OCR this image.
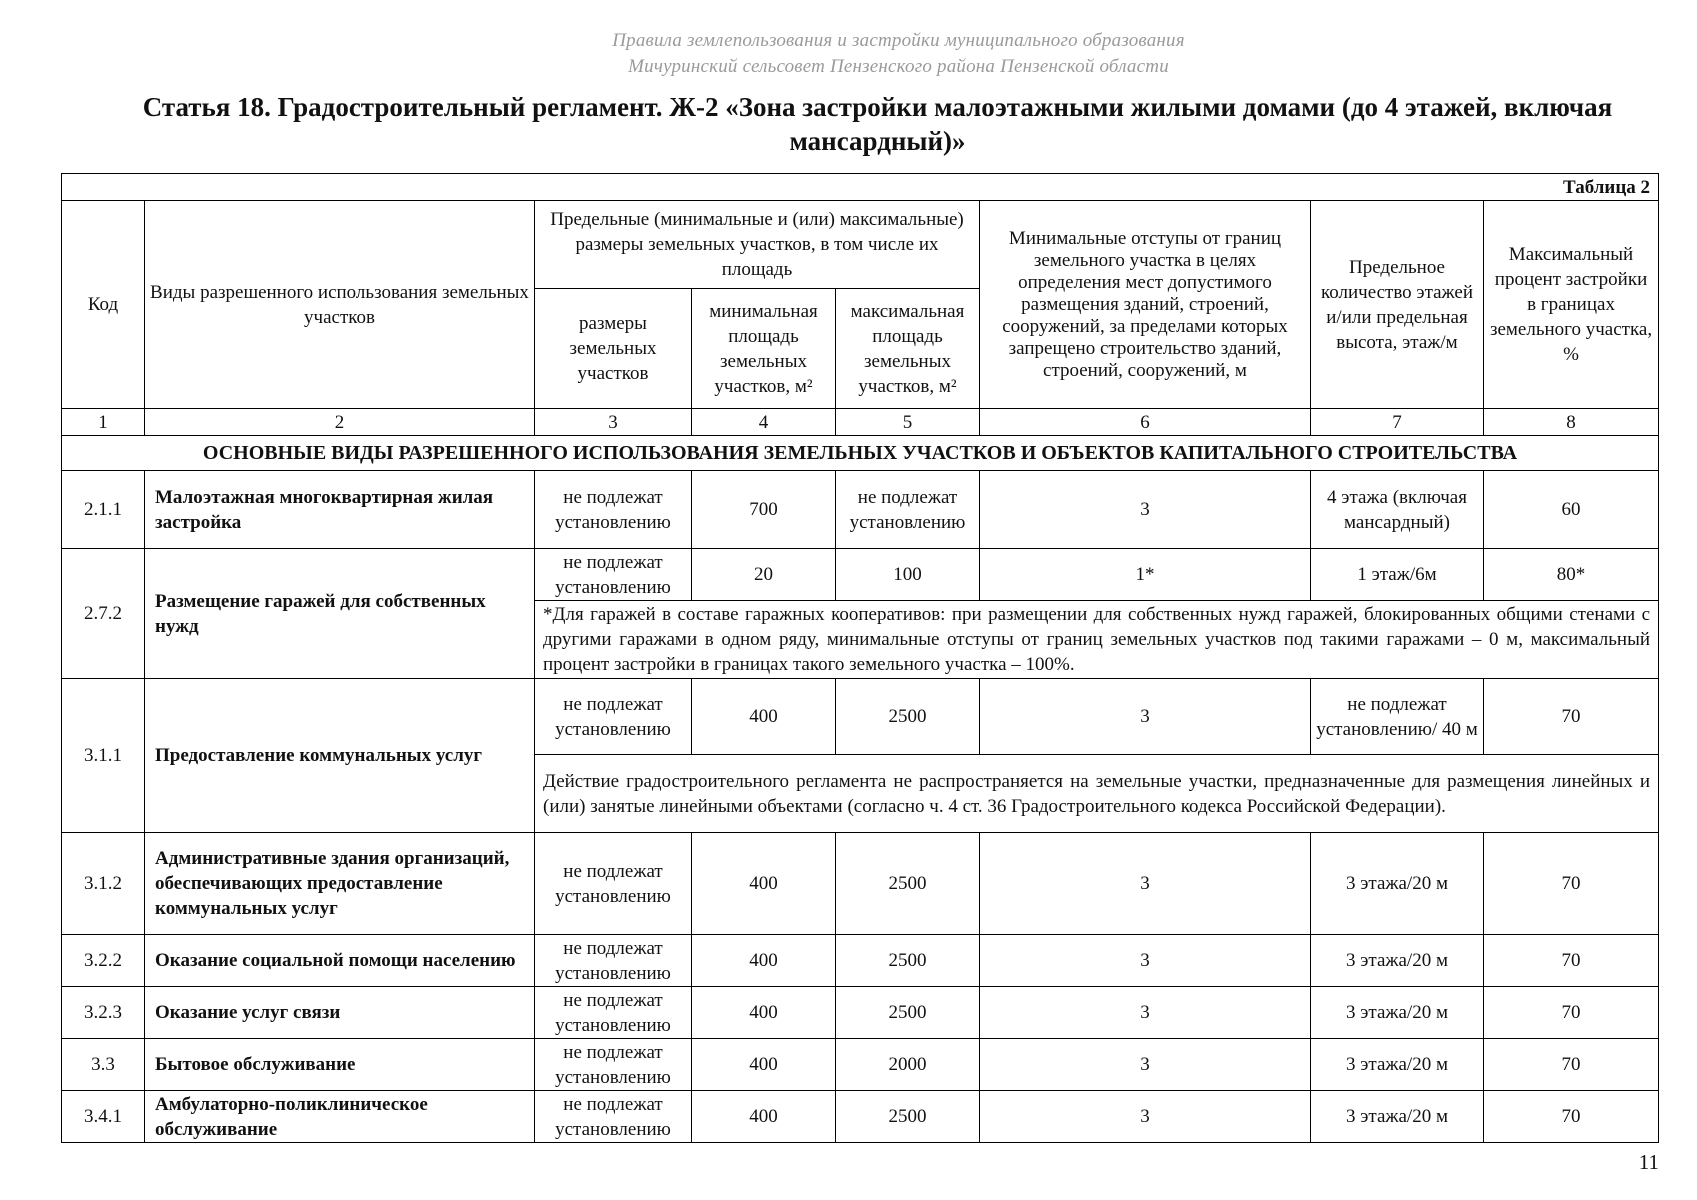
Правила землепользования и застройки муниципального образования
Мичуринский сельсовет Пензенского района Пензенской области
Статья 18. Градостроительный регламент. Ж-2 «Зона застройки малоэтажными жилыми домами (до 4 этажей, включая мансардный)»
Таблица 2							
Код	Виды разрешенного использования земельных участков	Предельные (минимальные и (или) максимальные) размеры земельных участков, в том числе их площадь			Минимальные отступы от границ земельного участка в целях определения мест допустимого размещения зданий, строений, сооружений, за пределами которых запрещено строительство зданий, строений, сооружений, м	Предельное количество этажей и/или предельная высота, этаж/м	Максимальный процент застройки в границах земельного участка, %
		размеры земельных участков	минимальная площадь земельных участков, м²	максимальная площадь земельных участков, м²			
1	2	3	4	5	6	7	8
ОСНОВНЫЕ ВИДЫ РАЗРЕШЕННОГО ИСПОЛЬЗОВАНИЯ ЗЕМЕЛЬНЫХ УЧАСТКОВ И ОБЪЕКТОВ КАПИТАЛЬНОГО СТРОИТЕЛЬСТВА							
2.1.1	Малоэтажная многоквартирная жилая застройка	не подлежат установлению	700	не подлежат установлению	3	4 этажа (включая мансардный)	60
2.7.2	Размещение гаражей для собственных нужд	не подлежат установлению	20	100	1*	1 этаж/6м	80*
		*Для гаражей в составе гаражных кооперативов: при размещении для собственных нужд гаражей, блокированных общими стенами с другими гаражами в одном ряду, минимальные отступы от границ земельных участков под такими гаражами – 0 м, максимальный процент застройки в границах такого земельного участка – 100%.					
3.1.1	Предоставление коммунальных услуг	не подлежат установлению	400	2500	3	не подлежат установлению/ 40 м	70
		Действие градостроительного регламента не распространяется на земельные участки, предназначенные для размещения линейных и (или) занятые линейными объектами (согласно ч. 4 ст. 36 Градостроительного кодекса Российской Федерации).					
3.1.2	Административные здания организаций, обеспечивающих предоставление коммунальных услуг	не подлежат установлению	400	2500	3	3 этажа/20 м	70
3.2.2	Оказание социальной помощи населению	не подлежат установлению	400	2500	3	3 этажа/20 м	70
3.2.3	Оказание услуг связи	не подлежат установлению	400	2500	3	3 этажа/20 м	70
3.3	Бытовое обслуживание	не подлежат установлению	400	2000	3	3 этажа/20 м	70
3.4.1	Амбулаторно-поликлиническое обслуживание	не подлежат установлению	400	2500	3	3 этажа/20 м	70
11
